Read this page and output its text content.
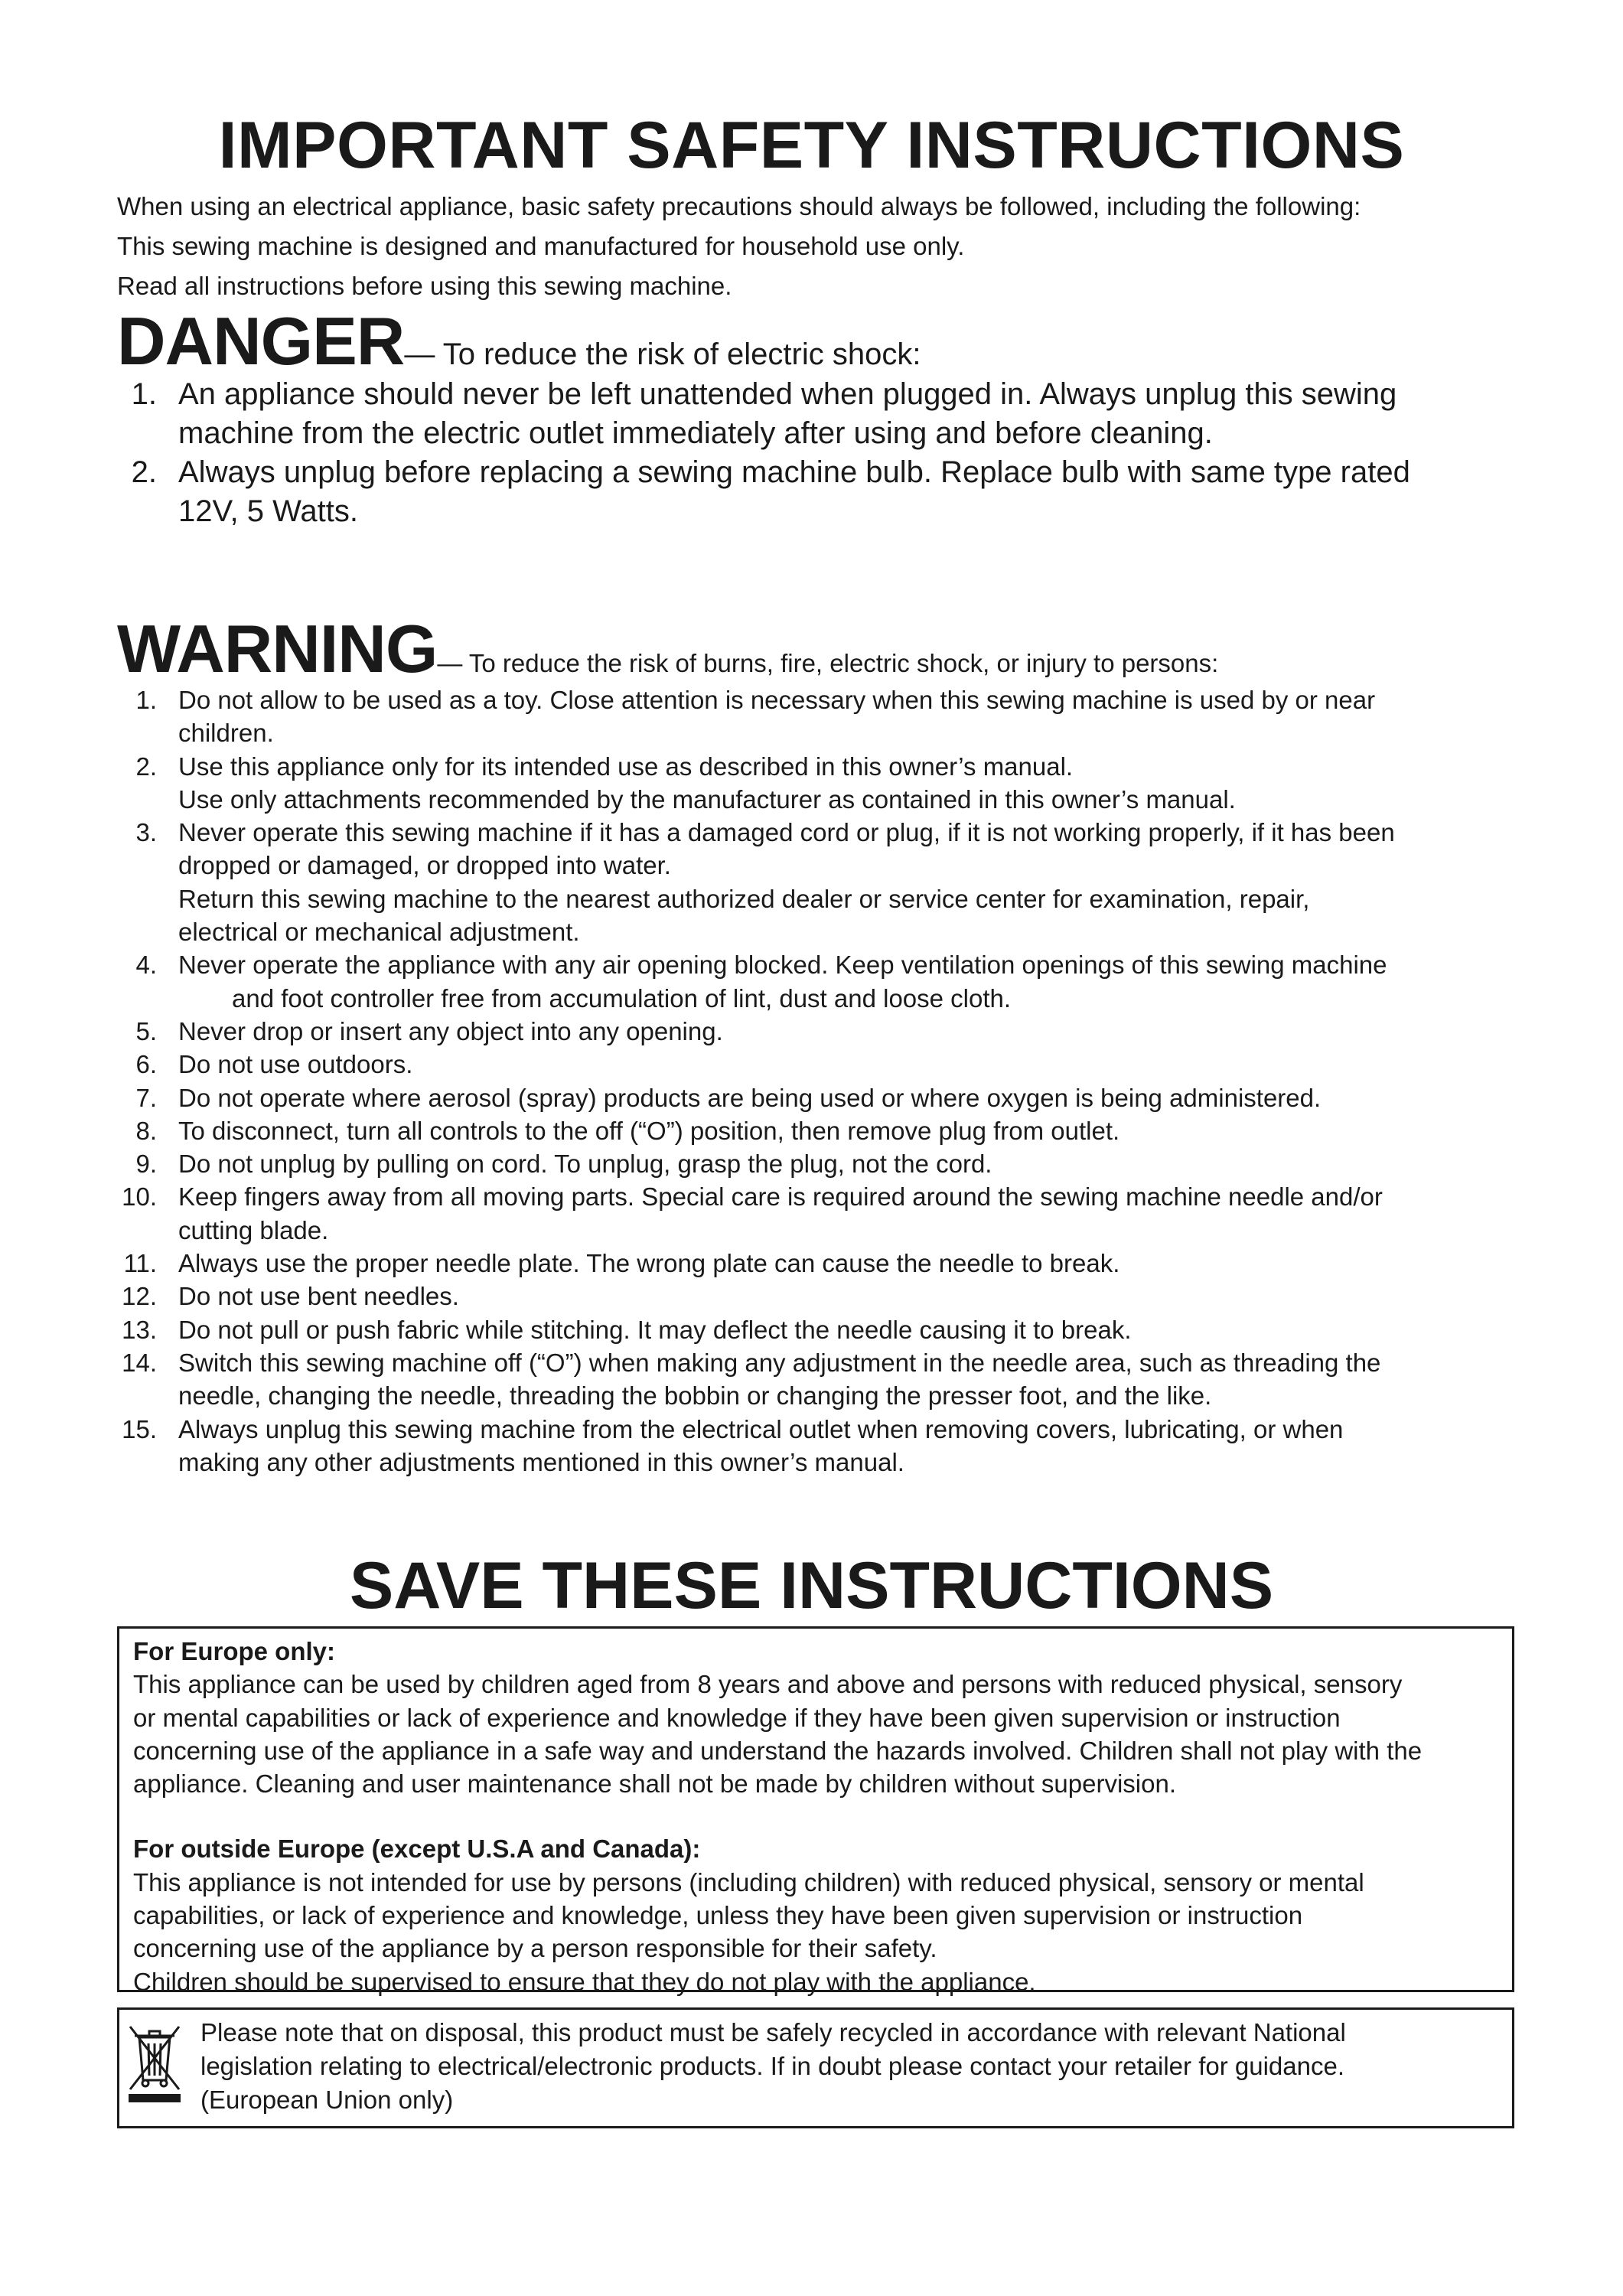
IMPORTANT SAFETY INSTRUCTIONS

When using an electrical appliance, basic safety precautions should always be followed, including the following:

This sewing machine is designed and manufactured for household use only.

Read all instructions before using this sewing machine.

DANGER— To reduce the risk of electric shock:
1. An appliance should never be left unattended when plugged in. Always unplug this sewing
machine from the electric outlet immediately after using and before cleaning.
2. Always unplug before replacing a sewing machine bulb. Replace bulb with same type rated
12V, 5 Watts.
WARNING— To reduce the risk of burns, fire, electric shock, or injury to persons:
1. Do not allow to be used as a toy. Close attention is necessary when this sewing machine is used by or near
children.
2. Use this appliance only for its intended use as described in this owner’s manual.
Use only attachments recommended by the manufacturer as contained in this owner’s manual.
3. Never operate this sewing machine if it has a damaged cord or plug, if it is not working properly, if it has been
dropped or damaged, or dropped into water.
Return this sewing machine to the nearest authorized dealer or service center for examination, repair,
electrical or mechanical adjustment.
4. Never operate the appliance with any air opening blocked. Keep ventilation openings of this sewing machine
and foot controller free from accumulation of lint, dust and loose cloth.
5. Never drop or insert any object into any opening.
6. Do not use outdoors.
7. Do not operate where aerosol (spray) products are being used or where oxygen is being administered.
8. To disconnect, turn all controls to the off (“O”) position, then remove plug from outlet.
9. Do not unplug by pulling on cord. To unplug, grasp the plug, not the cord.
10. Keep fingers away from all moving parts. Special care is required around the sewing machine needle and/or
cutting blade.
11. Always use the proper needle plate. The wrong plate can cause the needle to break.
12. Do not use bent needles.
13. Do not pull or push fabric while stitching. It may deflect the needle causing it to break.
14. Switch this sewing machine off (“O”) when making any adjustment in the needle area, such as threading the
needle, changing the needle, threading the bobbin or changing the presser foot, and the like.
15. Always unplug this sewing machine from the electrical outlet when removing covers, lubricating, or when
making any other adjustments mentioned in this owner’s manual.
SAVE THESE INSTRUCTIONS
For Europe only:
This appliance can be used by children aged from 8 years and above and persons with reduced physical, sensory
or mental capabilities or lack of experience and knowledge if they have been given supervision or instruction
concerning use of the appliance in a safe way and understand the hazards involved. Children shall not play with the
appliance. Cleaning and user maintenance shall not be made by children without supervision.
For outside Europe (except U.S.A and Canada):
This appliance is not intended for use by persons (including children) with reduced physical, sensory or mental
capabilities, or lack of experience and knowledge, unless they have been given supervision or instruction
concerning use of the appliance by a person responsible for their safety.
Children should be supervised to ensure that they do not play with the appliance.
Please note that on disposal, this product must be safely recycled in accordance with relevant National
legislation relating to electrical/electronic products. If in doubt please contact your retailer for guidance.
(European Union only)
